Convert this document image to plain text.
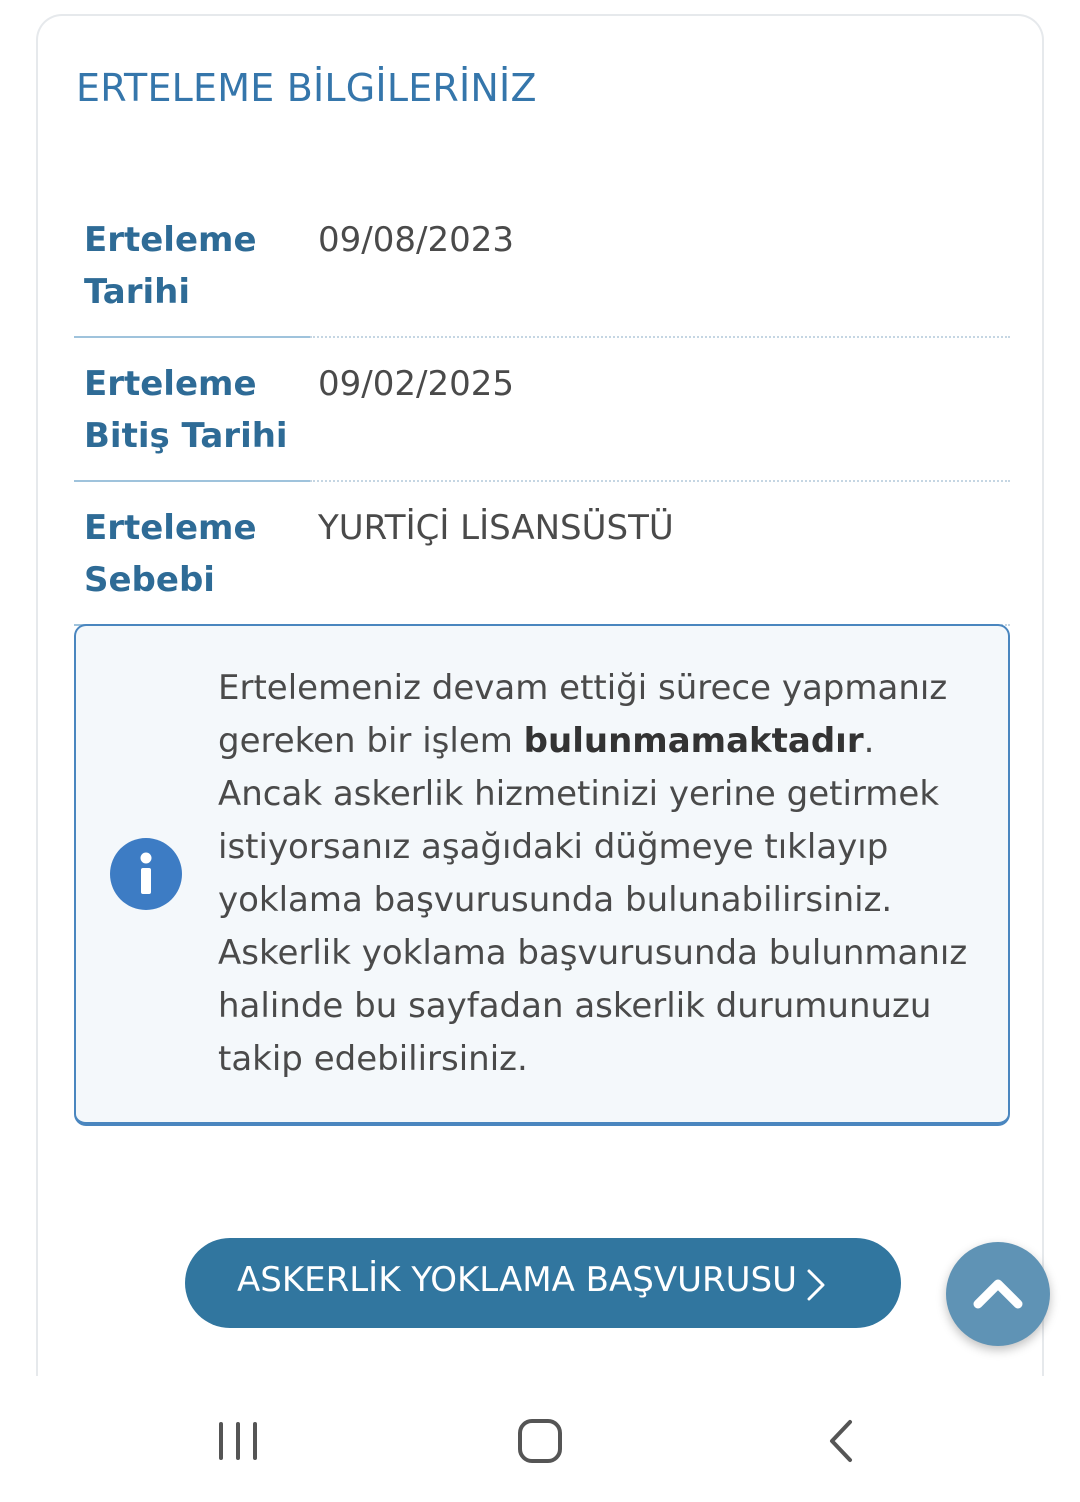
ERTELEME BİLGİLERİNİZ
Erteleme Tarihi
09/08/2023
Erteleme Bitiş Tarihi
09/02/2025
Erteleme Sebebi
YURTİÇİ LİSANSÜSTÜ
Ertelemeniz devam ettiği sürece yapmanız gereken bir işlem bulunmamaktadır. Ancak askerlik hizmetinizi yerine getirmek istiyorsanız aşağıdaki düğmeye tıklayıp yoklama başvurusunda bulunabilirsiniz. Askerlik yoklama başvurusunda bulunmanız halinde bu sayfadan askerlik durumunuzu takip edebilirsiniz.
ASKERLİK YOKLAMA BAŞVURUSU
